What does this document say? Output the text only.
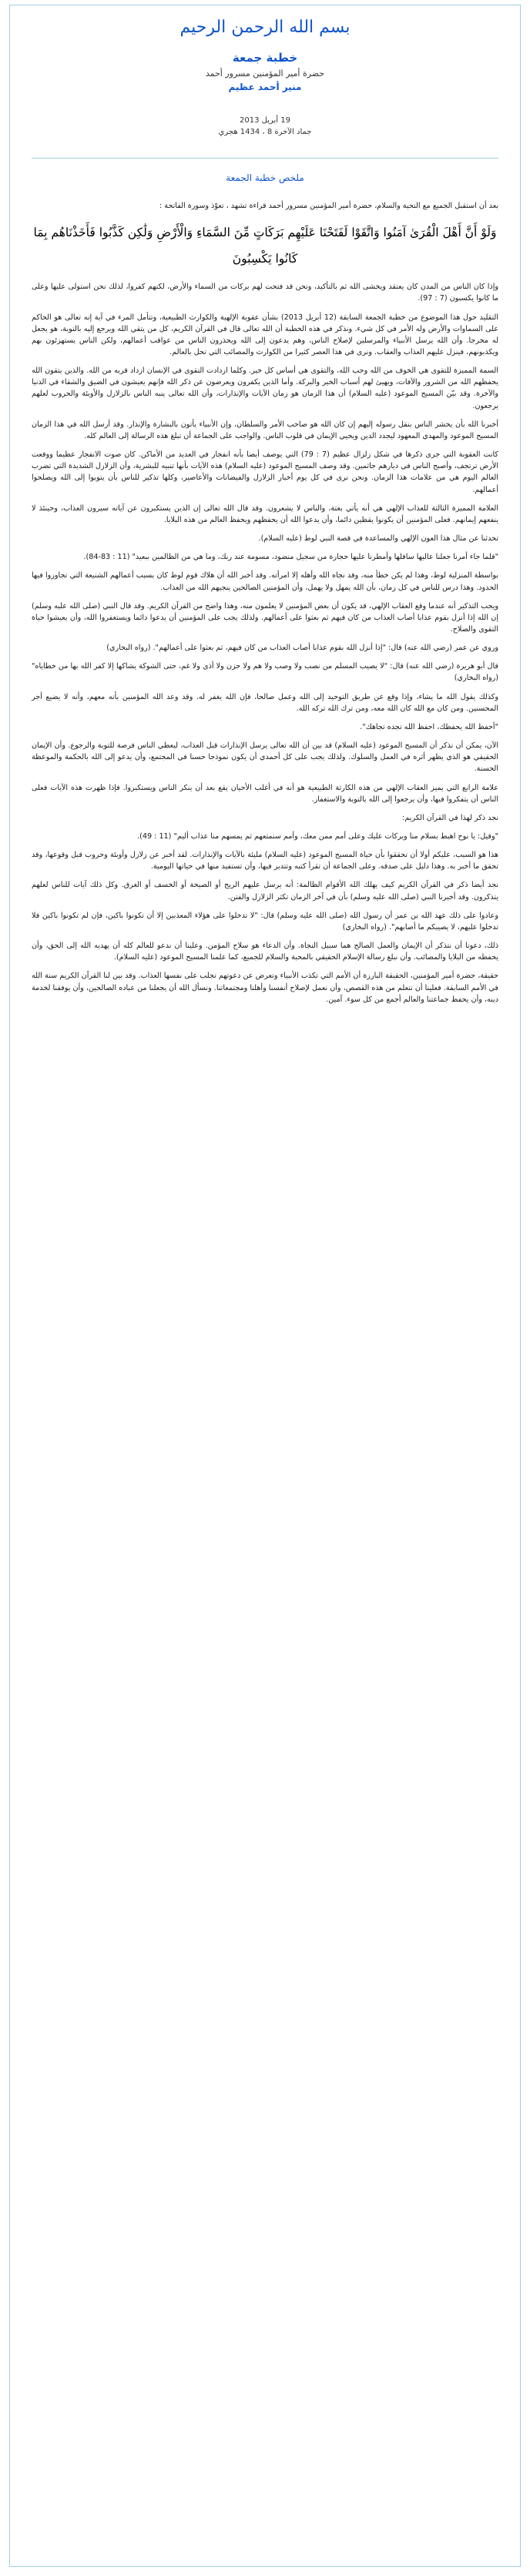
بسم الله الرحمن الرحيم
خطبة جمعة
حضرة أمير المؤمنين مسرور أحمد
منير أحمد عظيم
19 أبريل 2013
جماد الآخرة 8 ، 1434 هجري
ملخص خطبة الجمعة

بعد أن استقبل الجميع مع التحية والسلام، حضرة أمير المؤمنين مسرور أحمد قراءة تشهد ، تعوّذ وسورة الفاتحة :

وَلَوْ أَنَّ أَهْلَ الْقُرَىٰ آمَنُوا وَاتَّقَوْا لَفَتَحْنَا عَلَيْهِم بَرَكَاتٍ مِّنَ السَّمَاءِ وَالْأَرْضِ وَلَٰكِن كَذَّبُوا فَأَخَذْنَاهُم بِمَا كَانُوا يَكْسِبُونَ

وإذا كان الناس من المدن كان يعتقد ويخشى الله ثم بالتأكيد، ونحن قد فتحت لهم بركات من السماء والأرض، لكنهم كفروا، لذلك نحن استولى عليها وعلى ما كانوا يكسبون (7 : 97).

التقليد حول هذا الموضوع من خطبة الجمعة السابقة (12 أبريل 2013) بشأن عقوبة الإلهية والكوارث الطبيعية، وتتأمل المرء في آية إنه تعالى هو الحاكم على السماوات والأرض وله الأمر في كل شيء. ونذكر في هذه الخطبة أن الله تعالى قال في القرآن الكريم، كل من يتقي الله ويرجع إليه بالتوبة، هو يجعل له مخرجا. وأن الله يرسل الأنبياء والمرسلين لإصلاح الناس، وهم يدعون إلى الله ويحذرون الناس من عواقب أعمالهم، ولكن الناس يستهزئون بهم ويكذبونهم، فينزل عليهم العذاب والعقاب. ونرى في هذا العصر كثيرا من الكوارث والمصائب التي تحل بالعالم.

السمة المميزة للتقوى هي الخوف من الله وحب الله، والتقوى هي أساس كل خير. وكلما ازدادت التقوى في الإنسان ازداد قربه من الله. والذين يتقون الله يحفظهم الله من الشرور والآفات، ويهيئ لهم أسباب الخير والبركة. وأما الذين يكفرون ويعرضون عن ذكر الله فإنهم يعيشون في الضيق والشقاء في الدنيا والآخرة. وقد بيّن المسيح الموعود (عليه السلام) أن هذا الزمان هو زمان الآيات والإنذارات، وأن الله تعالى ينبه الناس بالزلازل والأوبئة والحروب لعلهم يرجعون.

أخبرنا الله بأن يحشر الناس بنقل رسوله إليهم إن كان الله هو صاحب الأمر والسلطان، وإن الأنبياء يأتون بالبشارة والإنذار. وقد أرسل الله في هذا الزمان المسيح الموعود والمهدي المعهود ليجدد الدين ويحيي الإيمان في قلوب الناس. والواجب على الجماعة أن تبلغ هذه الرسالة إلى العالم كله.

كانت العقوبة التي جرى ذكرها في شكل زلزال عظيم (7 : 79) التي يوصف أيضا بأنه انفجار في العديد من الأماكن. كان صوت الانفجار عظيما ووقعت الأرض ترتجف، وأصبح الناس في ديارهم جاثمين. وقد وصف المسيح الموعود (عليه السلام) هذه الآيات بأنها تنبيه للبشرية، وأن الزلازل الشديدة التي تضرب العالم اليوم هي من علامات هذا الزمان. ونحن نرى في كل يوم أخبار الزلازل والفيضانات والأعاصير، وكلها تذكير للناس بأن يتوبوا إلى الله ويصلحوا أعمالهم.

العلامة المميزة الثالثة للعذاب الإلهي هي أنه يأتي بغتة، والناس لا يشعرون. وقد قال الله تعالى إن الذين يستكبرون عن آياته سيرون العذاب، وحينئذ لا ينفعهم إيمانهم. فعلى المؤمنين أن يكونوا يقظين دائما، وأن يدعوا الله أن يحفظهم ويحفظ العالم من هذه البلايا.

تحدثنا عن مثال هذا العون الإلهي والمساعدة في قصة النبي لوط (عليه السلام).

"فلما جاء أمرنا جعلنا عاليها سافلها وأمطرنا عليها حجارة من سجيل منضود، مسومة عند ربك، وما هي من الظالمين ببعيد" (11 : 83-84).

بواسطة المنزلية لوط، وهذا لم يكن خطأ منه، وقد نجاه الله وأهله إلا امرأته. وقد أخبر الله أن هلاك قوم لوط كان بسبب أعمالهم الشنيعة التي تجاوزوا فيها الحدود. وهذا درس للناس في كل زمان، بأن الله يمهل ولا يهمل، وأن المؤمنين الصالحين ينجيهم الله من العذاب.

ويجب التذكير أنه عندما وقع العقاب الإلهي، قد يكون أن بعض المؤمنين لا يعلمون منه، وهذا واضح من القرآن الكريم. وقد قال النبي (صلى الله عليه وسلم) إن الله إذا أنزل بقوم عذابا أصاب العذاب من كان فيهم ثم بعثوا على أعمالهم. ولذلك يجب على المؤمنين أن يدعوا دائما ويستغفروا الله، وأن يعيشوا حياة التقوى والصلاح.

وروي عن عمر (رضي الله عنه) قال: "إذا أنزل الله بقوم عذابا أصاب العذاب من كان فيهم، ثم بعثوا على أعمالهم". (رواه البخاري)

قال أبو هريرة (رضي الله عنه) قال: "لا يصيب المسلم من نصب ولا وصب ولا هم ولا حزن ولا أذى ولا غم، حتى الشوكة يشاكها إلا كفر الله بها من خطاياه" (رواه البخاري)

وكذلك يقول الله ما يشاء، وإذا وقع عن طريق التوحيد إلى الله وعمل صالحا، فإن الله يغفر له. وقد وعد الله المؤمنين بأنه معهم، وأنه لا يضيع أجر المحسنين. ومن كان مع الله كان الله معه، ومن ترك الله تركه الله.

"أحفظ الله يحفظك، احفظ الله تجده تجاهك".

الآن، يمكن أن نذكر أن المسيح الموعود (عليه السلام) قد بين أن الله تعالى يرسل الإنذارات قبل العذاب، ليعطي الناس فرصة للتوبة والرجوع. وأن الإيمان الحقيقي هو الذي يظهر أثره في العمل والسلوك. ولذلك يجب على كل أحمدي أن يكون نموذجا حسنا في المجتمع، وأن يدعو إلى الله بالحكمة والموعظة الحسنة.

علامة الرابع التي يميز العقاب الإلهي من هذه الكارثة الطبيعية هو أنه في أغلب الأحيان يقع بعد أن ينكر الناس ويستكبروا. فإذا ظهرت هذه الآيات فعلى الناس أن يتفكروا فيها، وأن يرجعوا إلى الله بالتوبة والاستغفار.

نجد ذكر لهذا في القرآن الكريم:

"وقيل: يا نوح اهبط بسلام منا وبركات عليك وعلى أمم ممن معك، وأمم سنمتعهم ثم يمسهم منا عذاب أليم" (11 : 49).

هذا هو السبب، عليكم أولا أن تحققوا بأن حياة المسيح الموعود (عليه السلام) مليئة بالآيات والإنذارات. لقد أخبر عن زلازل وأوبئة وحروب قبل وقوعها، وقد تحقق ما أخبر به. وهذا دليل على صدقه. وعلى الجماعة أن تقرأ كتبه وتتدبر فيها، وأن تستفيد منها في حياتها اليومية.

نجد أيضا ذكر في القرآن الكريم كيف يهلك الله الأقوام الظالمة: أنه يرسل عليهم الريح أو الصيحة أو الخسف أو الغرق. وكل ذلك آيات للناس لعلهم يتذكرون. وقد أخبرنا النبي (صلى الله عليه وسلم) بأن في آخر الزمان تكثر الزلازل والفتن.

وعادوا على ذلك عهد الله بن عمر أن رسول الله (صلى الله عليه وسلم) قال: "لا تدخلوا على هؤلاء المعذبين إلا أن تكونوا باكين، فإن لم تكونوا باكين فلا تدخلوا عليهم، لا يصيبكم ما أصابهم". (رواه البخاري)

ذلك، دعونا أن نتذكر أن الإيمان والعمل الصالح هما سبيل النجاة. وأن الدعاء هو سلاح المؤمن. وعلينا أن ندعو للعالم كله أن يهديه الله إلى الحق، وأن يحفظه من البلايا والمصائب. وأن نبلغ رسالة الإسلام الحقيقي بالمحبة والسلام للجميع، كما علمنا المسيح الموعود (عليه السلام).

حقيقة، حضرة أمير المؤمنين، الحقيقة البارزة أن الأمم التي تكذب الأنبياء وتعرض عن دعوتهم تجلب على نفسها العذاب. وقد بين لنا القرآن الكريم سنة الله في الأمم السابقة. فعلينا أن نتعلم من هذه القصص، وأن نعمل لإصلاح أنفسنا وأهلنا ومجتمعاتنا. ونسأل الله أن يجعلنا من عباده الصالحين، وأن يوفقنا لخدمة دينه، وأن يحفظ جماعتنا والعالم أجمع من كل سوء. آمين.
